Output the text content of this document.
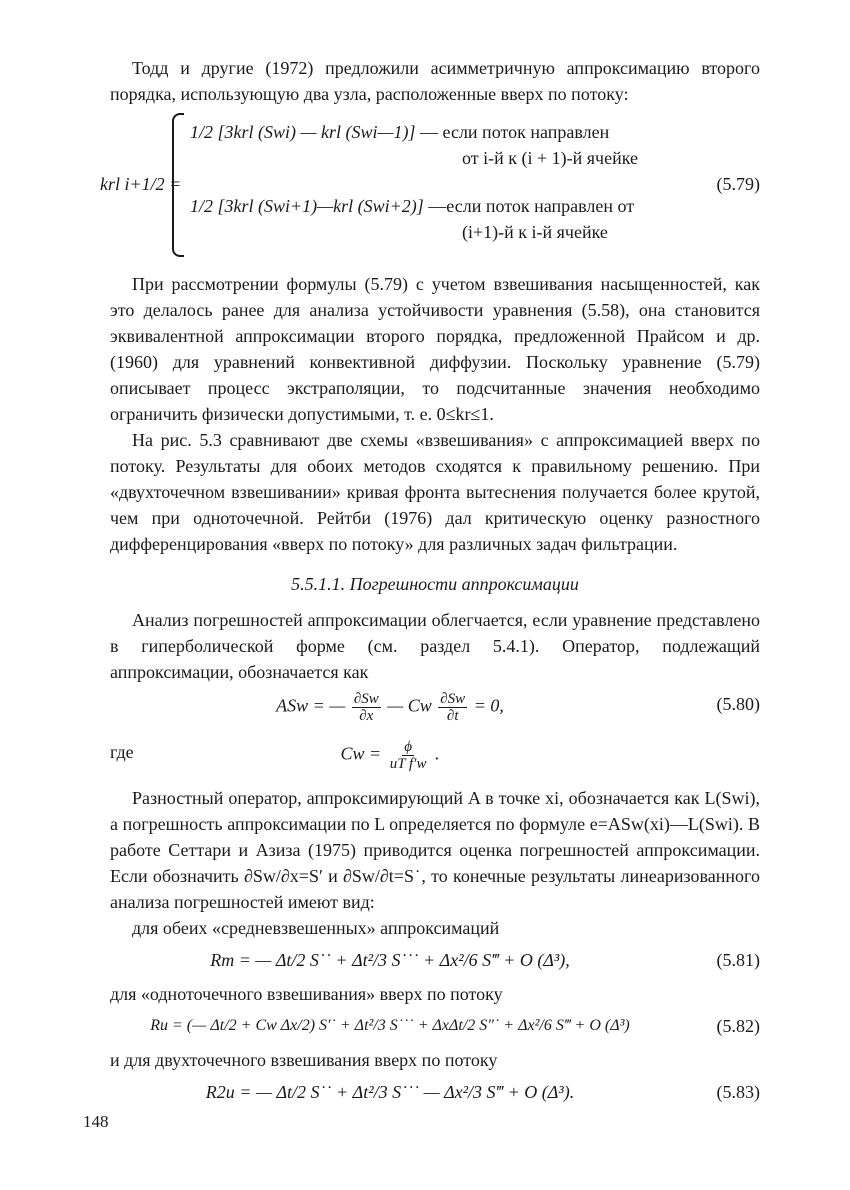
Тодд и другие (1972) предложили асимметричную аппроксимацию второго порядка, использующую два узла, расположенные вверх по потоку:

krl i+1/2 =
1/2 [3krl (Swi) — krl (Swi—1)] — если поток направлен
от i-й к (i + 1)-й ячейке
1/2 [3krl (Swi+1)—krl (Swi+2)] —если поток направлен от
(i+1)-й к i-й ячейке
(5.79)

При рассмотрении формулы (5.79) с учетом взвешивания насыщенностей, как это делалось ранее для анализа устойчивости уравнения (5.58), она становится эквивалентной аппроксимации второго порядка, предложенной Прайсом и др. (1960) для уравнений конвективной диффузии. Поскольку уравнение (5.79) описывает процесс экстраполяции, то подсчитанные значения необходимо ограничить физически допустимыми, т. е. 0≤kr≤1.

На рис. 5.3 сравнивают две схемы «взвешивания» с аппроксимацией вверх по потоку. Результаты для обоих методов сходятся к правильному решению. При «двухточечном взвешивании» кривая фронта вытеснения получается более крутой, чем при одноточечной. Рейтби (1976) дал критическую оценку разностного дифференцирования «вверх по потоку» для различных задач фильтрации.

5.5.1.1. Погрешности аппроксимации

Анализ погрешностей аппроксимации облегчается, если уравнение представлено в гиперболической форме (см. раздел 5.4.1). Оператор, подлежащий аппроксимации, обозначается как

ASw = — $\frac{\partial Sw}{\partial x}$ — Cw $\frac{\partial Sw}{\partial t} = 0$,	(5.80)
где	$Cw = \frac{\phi}{\text{uT f′w}}$ .

Разностный оператор, аппроксимирующий A в точке xi, обозначается как L(Swi), а погрешность аппроксимации по L определяется по формуле e=ASw(xi)—L(Swi). В работе Сеттари и Азиза (1975) приводится оценка погрешностей аппроксимации. Если обозначить ∂Sw/∂x=S′ и ∂Sw/∂t=S˙, то конечные результаты линеаризованного анализа погрешностей имеют вид:

для обеих «средневзвешенных» аппроксимаций

Rm = — Δt/2 S˙˙ + Δt²/3 S˙˙˙ + Δx²/6 S‴ + O (Δ³),	(5.81)

для «одноточечного взвешивания» вверх по потоку

Ru = (— Δt/2 + Cw Δx/2) S′˙ + Δt²/3 S˙˙˙ + ΔxΔt/2 S″˙ + Δx²/6 S‴ + O (Δ³)	(5.82)

и для двухточечного взвешивания вверх по потоку

R2u = — Δt/2 S˙˙ + Δt²/3 S˙˙˙ — Δx²/3 S‴ + O (Δ³).	(5.83)
148
